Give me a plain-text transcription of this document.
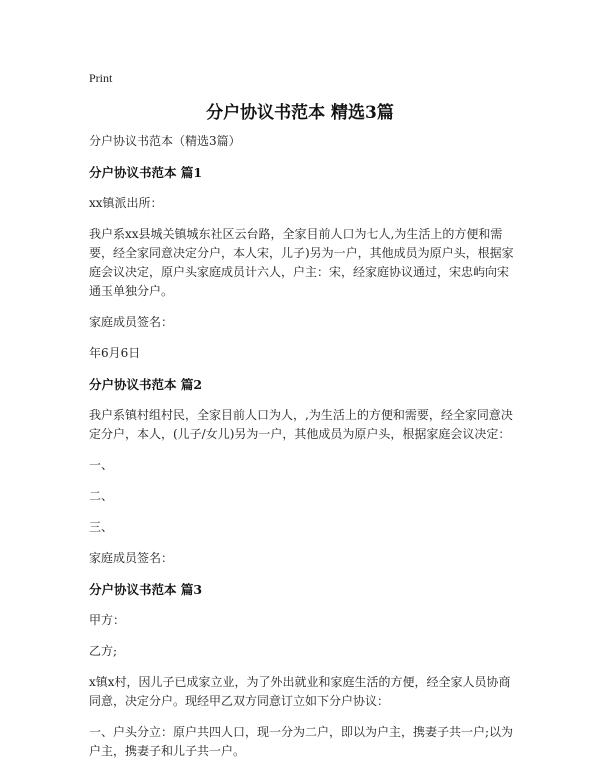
Print
分户协议书范本 精选3篇

分户协议书范本（精选3篇）

分户协议书范本 篇1

xx镇派出所：

我户系xx县城关镇城东社区云台路，全家目前人口为七人,为生活上的方便和需要，经全家同意决定分户，本人宋，儿子)另为一户，其他成员为原户头，根据家庭会议决定，原户头家庭成员计六人，户主：宋，经家庭协议通过，宋忠屿向宋通玉单独分户。

家庭成员签名：

年6月6日

分户协议书范本 篇2

我户系镇村组村民，全家目前人口为人，,为生活上的方便和需要，经全家同意决定分户，本人，(儿子/女儿)另为一户，其他成员为原户头，根据家庭会议决定：

一、

二、

三、

家庭成员签名：

分户协议书范本 篇3

甲方：

乙方;

x镇x村，因儿子已成家立业，为了外出就业和家庭生活的方便，经全家人员协商同意，决定分户。现经甲乙双方同意订立如下分户协议：

一、户头分立：原户共四人口，现一分为二户，即以为户主，携妻子共一户;以为户主，携妻子和儿子共一户。
